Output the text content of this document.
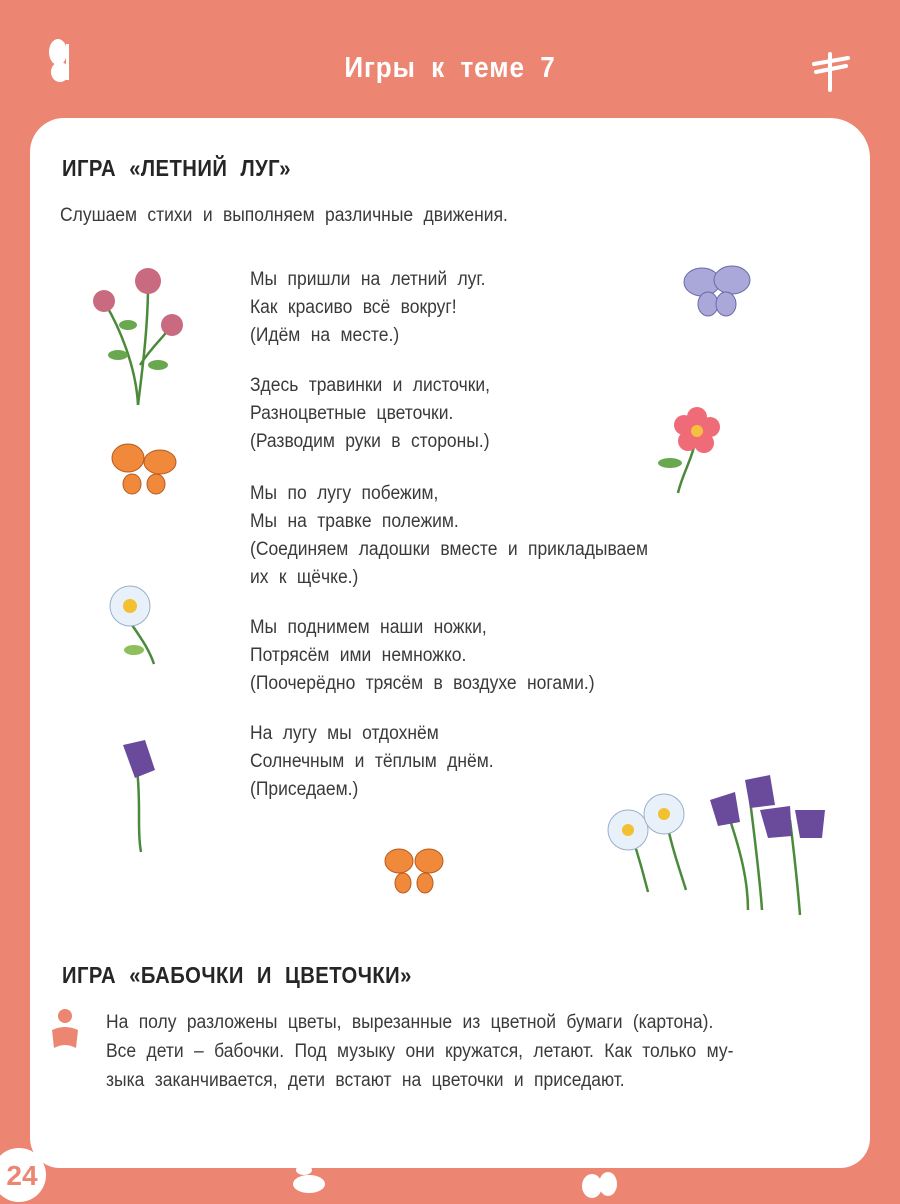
Игры к теме 7
ИГРА «ЛЕТНИЙ ЛУГ»
Слушаем стихи и выполняем различные движения.
Мы пришли на летний луг.
Как красиво всё вокруг!
(Идём на месте.)
Здесь травинки и листочки,
Разноцветные цветочки.
(Разводим руки в стороны.)
Мы по лугу побежим,
Мы на травке полежим.
(Соединяем ладошки вместе и прикладываем
их к щёчке.)
Мы поднимем наши ножки,
Потрясём ими немножко.
(Поочерёдно трясём в воздухе ногами.)
На лугу мы отдохнём
Солнечным и тёплым днём.
(Приседаем.)
ИГРА «БАБОЧКИ И ЦВЕТОЧКИ»
На полу разложены цветы, вырезанные из цветной бумаги (картона).
Все дети – бабочки. Под музыку они кружатся, летают. Как только му-
зыка заканчивается, дети встают на цветочки и приседают.
24
